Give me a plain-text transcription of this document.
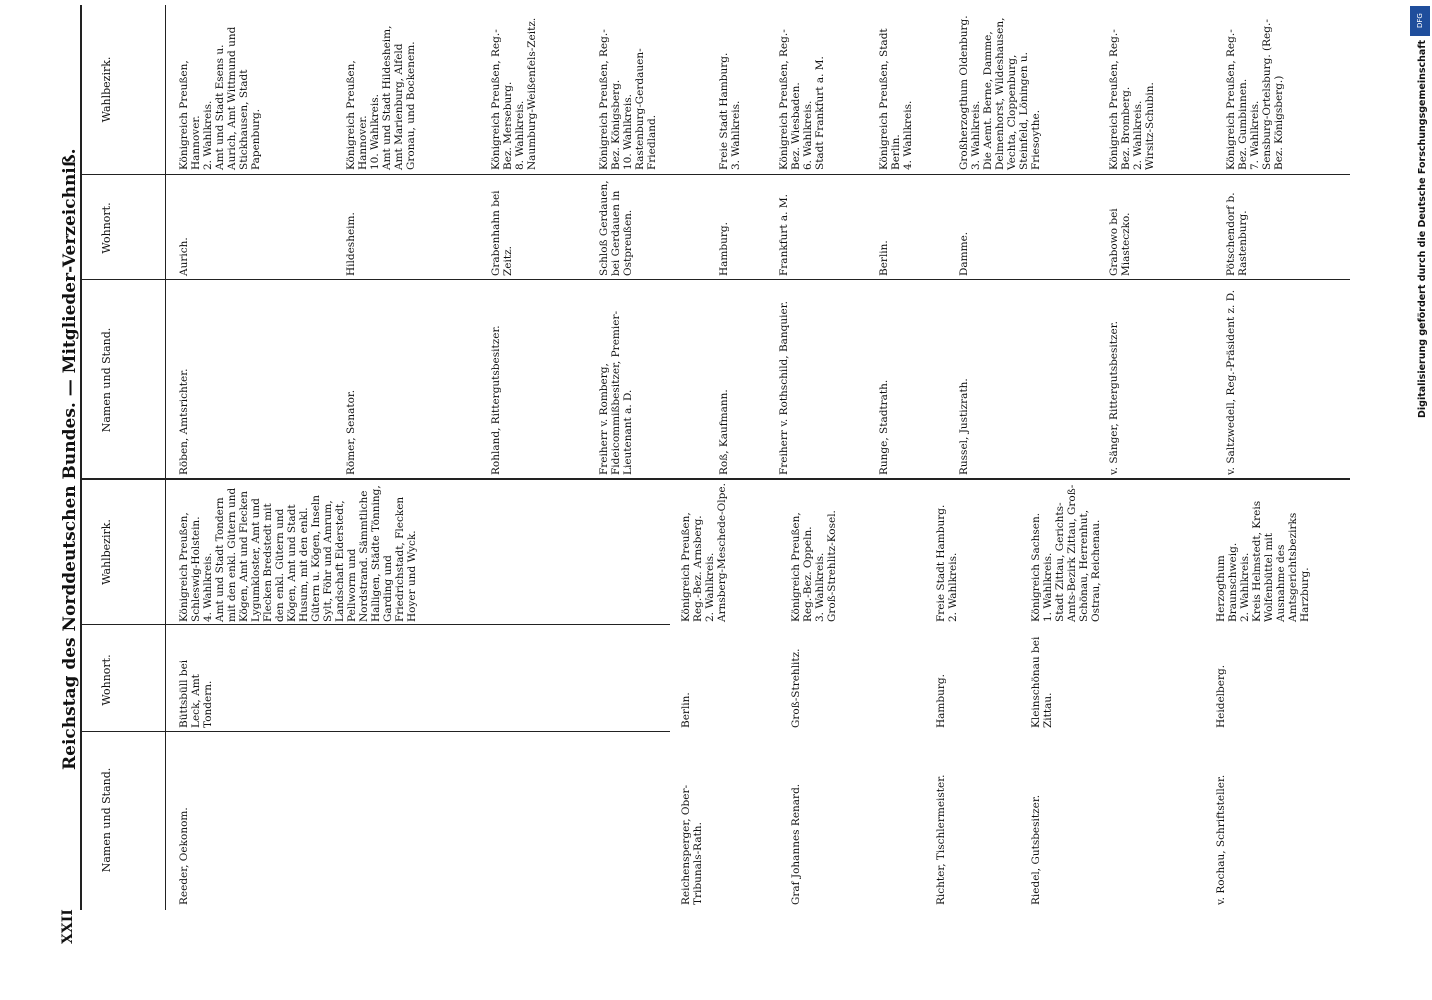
XXII
Reichstag des Norddeutschen Bundes. — Mitglieder-Verzeichniß.
Namen und Stand.
Wohnort.
Wahlbezirk.
Namen und Stand.
Wohnort.
Wahlbezirk.
Reeder, Oekonom.
Büttsbüll bei Leck, Amt Tondern.
Königreich Preußen, Schleswig-Holstein.
4. Wahlkreis.
Amt und Stadt Tondern mit den enkl. Gütern und Kögen, Amt und Flecken Lygumkloster, Amt und Flecken Bredstedt mit den enkl. Gütern und Kögen, Amt und Stadt Husum, mit den enkl. Gütern u. Kögen, Inseln Sylt, Föhr und Amrum, Landschaft Eiderstedt, Pellworm und Nordstrand. Sämmtliche Halligen, Städte Tönning, Garding und Friedrichstadt, Flecken Hoyer und Wyck.
Reichensperger, Ober-Tribunals-Rath.
Berlin.
Königreich Preußen, Reg.-Bez. Arnsberg.
2. Wahlkreis.
Arnsberg-Meschede-Olpe.
Graf Johannes Renard.
Groß-Strehlitz.
Königreich Preußen, Reg.-Bez. Oppeln.
3. Wahlkreis.
Groß-Strehlitz-Kosel.
Richter, Tischlermeister.
Hamburg.
Freie Stadt Hamburg.
2. Wahlkreis.
Riedel, Gutsbesitzer.
Kleinschönau bei Zittau.
Königreich Sachsen.
1. Wahlkreis.
Stadt Zittau, Gerichts-Amts-Bezirk Zittau, Groß-Schönau, Herrenhut, Ostrau, Reichenau.
v. Rochau, Schriftsteller.
Heidelberg.
Herzogthum Braunschweig.
2. Wahlkreis.
Kreis Helmstedt, Kreis Wolfenbüttel mit Ausnahme des Amtsgerichtsbezirks Harzburg.
Röben, Amtsrichter.
Aurich.
Königreich Preußen, Hannover.
2. Wahlkreis.
Amt und Stadt Esens u. Aurich, Amt Wittmund und Stickhausen, Stadt Papenburg.
Römer, Senator.
Hildesheim.
Königreich Preußen, Hannover.
10. Wahlkreis.
Amt und Stadt Hildesheim, Amt Marienburg, Alfeld Gronau, und Bockenem.
Rohland, Rittergutsbesitzer.
Grabenhahn bei Zeitz.
Königreich Preußen, Reg.-Bez. Merseburg.
8. Wahlkreis.
Naumburg-Weißenfels-Zeitz.
Freiherr v. Romberg, Fideicommißbesitzer, Premier-Lieutenant a. D.
Schloß Gerdauen, bei Gerdauen in Ostpreußen.
Königreich Preußen, Reg.-Bez. Königsberg.
10. Wahlkreis.
Rastenburg-Gerdauen-Friedland.
Roß, Kaufmann.
Hamburg.
Freie Stadt Hamburg.
3. Wahlkreis.
Freiherr v. Rothschild, Banquier.
Frankfurt a. M.
Königreich Preußen, Reg.-Bez. Wiesbaden.
6. Wahlkreis.
Stadt Frankfurt a. M.
Runge, Stadtrath.
Berlin.
Königreich Preußen, Stadt Berlin.
4. Wahlkreis.
Russel, Justizrath.
Damme.
Großherzogthum Oldenburg.
3. Wahlkreis.
Die Aemt. Berne, Damme, Delmenhorst, Wildeshausen, Vechta, Cloppenburg, Steinfeld, Löningen u. Friesoythe.
v. Sänger, Rittergutsbesitzer.
Grabowo bei Miasteczko.
Königreich Preußen, Reg.-Bez. Bromberg.
2. Wahlkreis.
Wirsitz-Schubin.
v. Saltzwedell, Reg.-Präsident z. D.
Pötschendorf b. Rastenburg.
Königreich Preußen, Reg.-Bez. Gumbinnen.
7. Wahlkreis.
Sensburg-Ortelsburg. (Reg.-Bez. Königsberg.)
DFG
Digitalisierung gefördert durch die Deutsche Forschungsgemeinschaft
